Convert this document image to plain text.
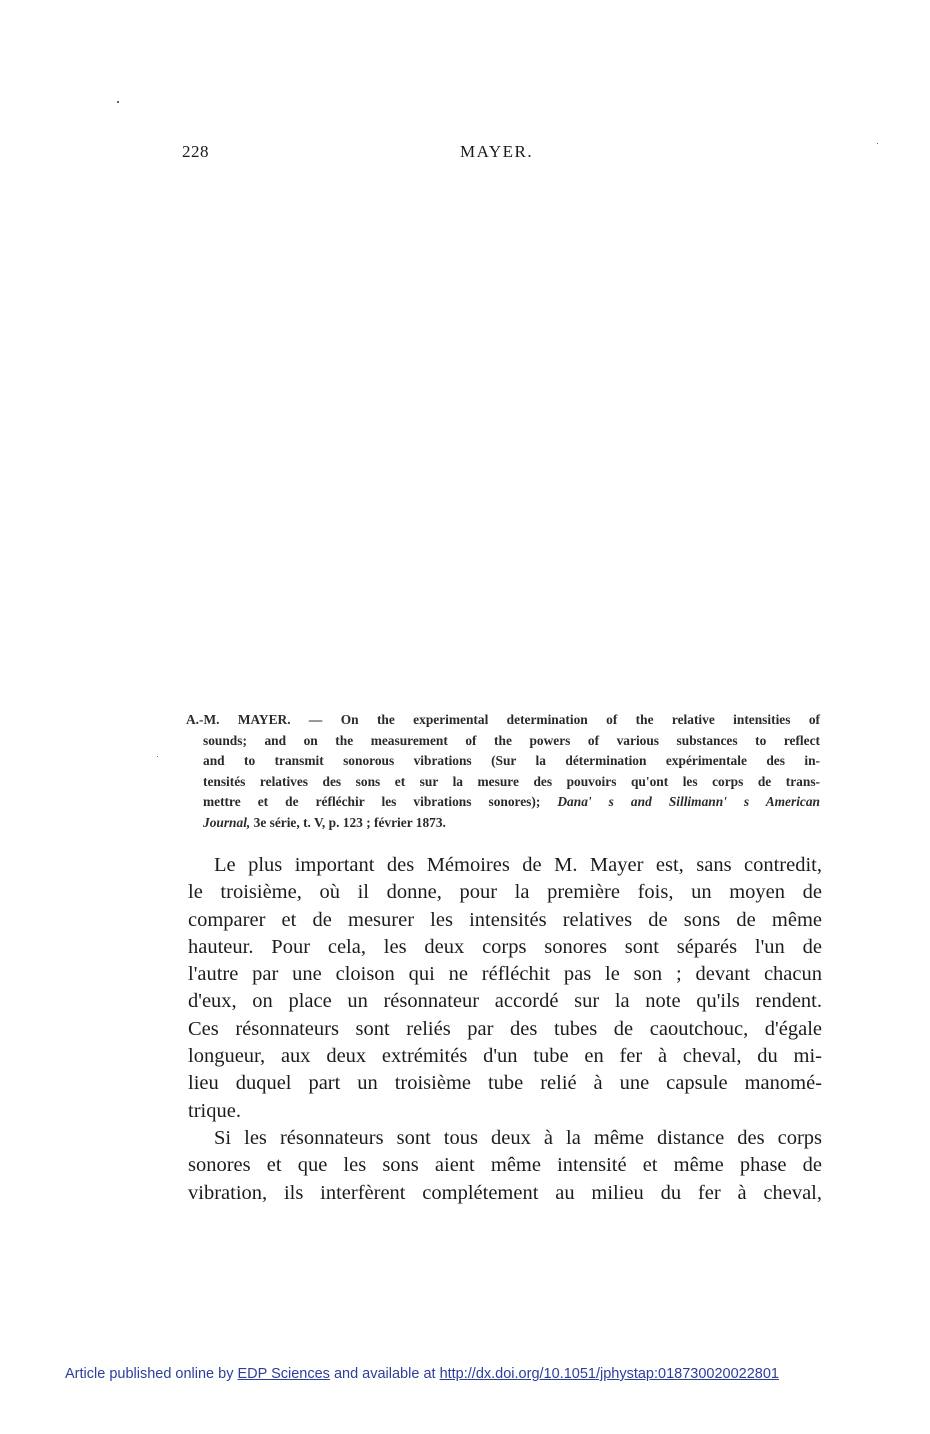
228	MAYER.
A.-M. MAYER. — On the experimental determination of the relative intensities of
sounds; and on the measurement of the powers of various substances to reflect
and to transmit sonorous vibrations (Sur la détermination expérimentale des in-
tensités relatives des sons et sur la mesure des pouvoirs qu'ont les corps de trans-
mettre et de réfléchir les vibrations sonores); Dana' s and Sillimann' s American
Journal, 3e série, t. V, p. 123 ; février 1873.
Le plus important des Mémoires de M. Mayer est, sans contredit,
le troisième, où il donne, pour la première fois, un moyen de
comparer et de mesurer les intensités relatives de sons de même
hauteur. Pour cela, les deux corps sonores sont séparés l'un de
l'autre par une cloison qui ne réfléchit pas le son ; devant chacun
d'eux, on place un résonnateur accordé sur la note qu'ils rendent.
Ces résonnateurs sont reliés par des tubes de caoutchouc, d'égale
longueur, aux deux extrémités d'un tube en fer à cheval, du mi-
lieu duquel part un troisième tube relié à une capsule manomé-
trique.
Si les résonnateurs sont tous deux à la même distance des corps
sonores et que les sons aient même intensité et même phase de
vibration, ils interfèrent complétement au milieu du fer à cheval,
Article published online by EDP Sciences and available at http://dx.doi.org/10.1051/jphystap:018730020022801
